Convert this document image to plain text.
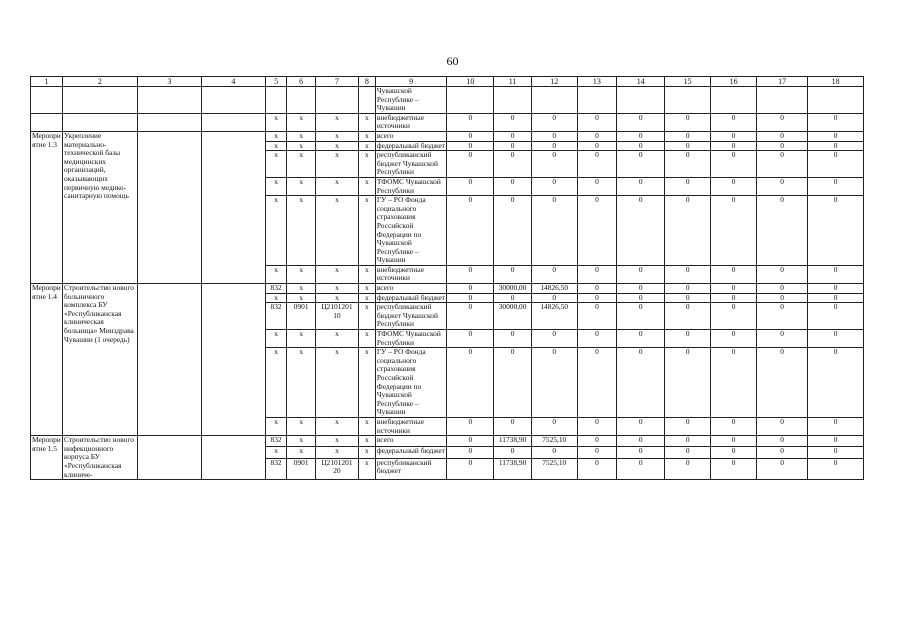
60
1	2	3	4	5	6	7	8	9	10	11	12	13	14	15	16	17	18
								Чувашской Республике – Чувашии									
				x	x	x	x	внебюджетные источники	0	0	0	0	0	0	0	0	0
Мероприятие 1.3	Укрепление материально-технической базы медицинских организаций, оказывающих первичную медико-санитарную помощь			x	x	x	x	всего	0	0	0	0	0	0	0	0	0
				x	x	x	x	федеральный бюджет	0	0	0	0	0	0	0	0	0
				x	x	x	x	республиканский бюджет Чувашской Республики	0	0	0	0	0	0	0	0	0
				x	x	x	x	ТФОМС Чувашской Республики	0	0	0	0	0	0	0	0	0
				x	x	x	x	ГУ – РО Фонда социального страхования Российской Федерации по Чувашской Республике – Чувашии	0	0	0	0	0	0	0	0	0
				x	x	x	x	внебюджетные источники	0	0	0	0	0	0	0	0	0
Мероприятие 1.4	Строительство нового больничного комплекса БУ «Республиканская клиническая больница» Минздрава Чувашии (1 очередь)			832	x	x	x	всего	0	30000,00	14826,50	0	0	0	0	0	0
				x	x	x	x	федеральный бюджет	0	0	0	0	0	0	0	0	0
				832	0901	Ц2101201 10	x	республиканский бюджет Чувашской Республики	0	30000,00	14826,50	0	0	0	0	0	0
				x	x	x	x	ТФОМС Чувашской Республики	0	0	0	0	0	0	0	0	0
				x	x	x	x	ГУ – РО Фонда социального страхования Российской Федерации по Чувашской Республике – Чувашии	0	0	0	0	0	0	0	0	0
				x	x	x	x	внебюджетные источники	0	0	0	0	0	0	0	0	0
Мероприятие 1.5	Строительство нового инфекционного корпуса БУ «Республиканская клиниче-			832	x	x	x	всего	0	11738,90	7525,10	0	0	0	0	0	0
				x	x	x	x	федеральный бюджет	0	0	0	0	0	0	0	0	0
				832	0901	Ц2101201 20	x	республиканский бюджет	0	11738,90	7525,10	0	0	0	0	0	0
